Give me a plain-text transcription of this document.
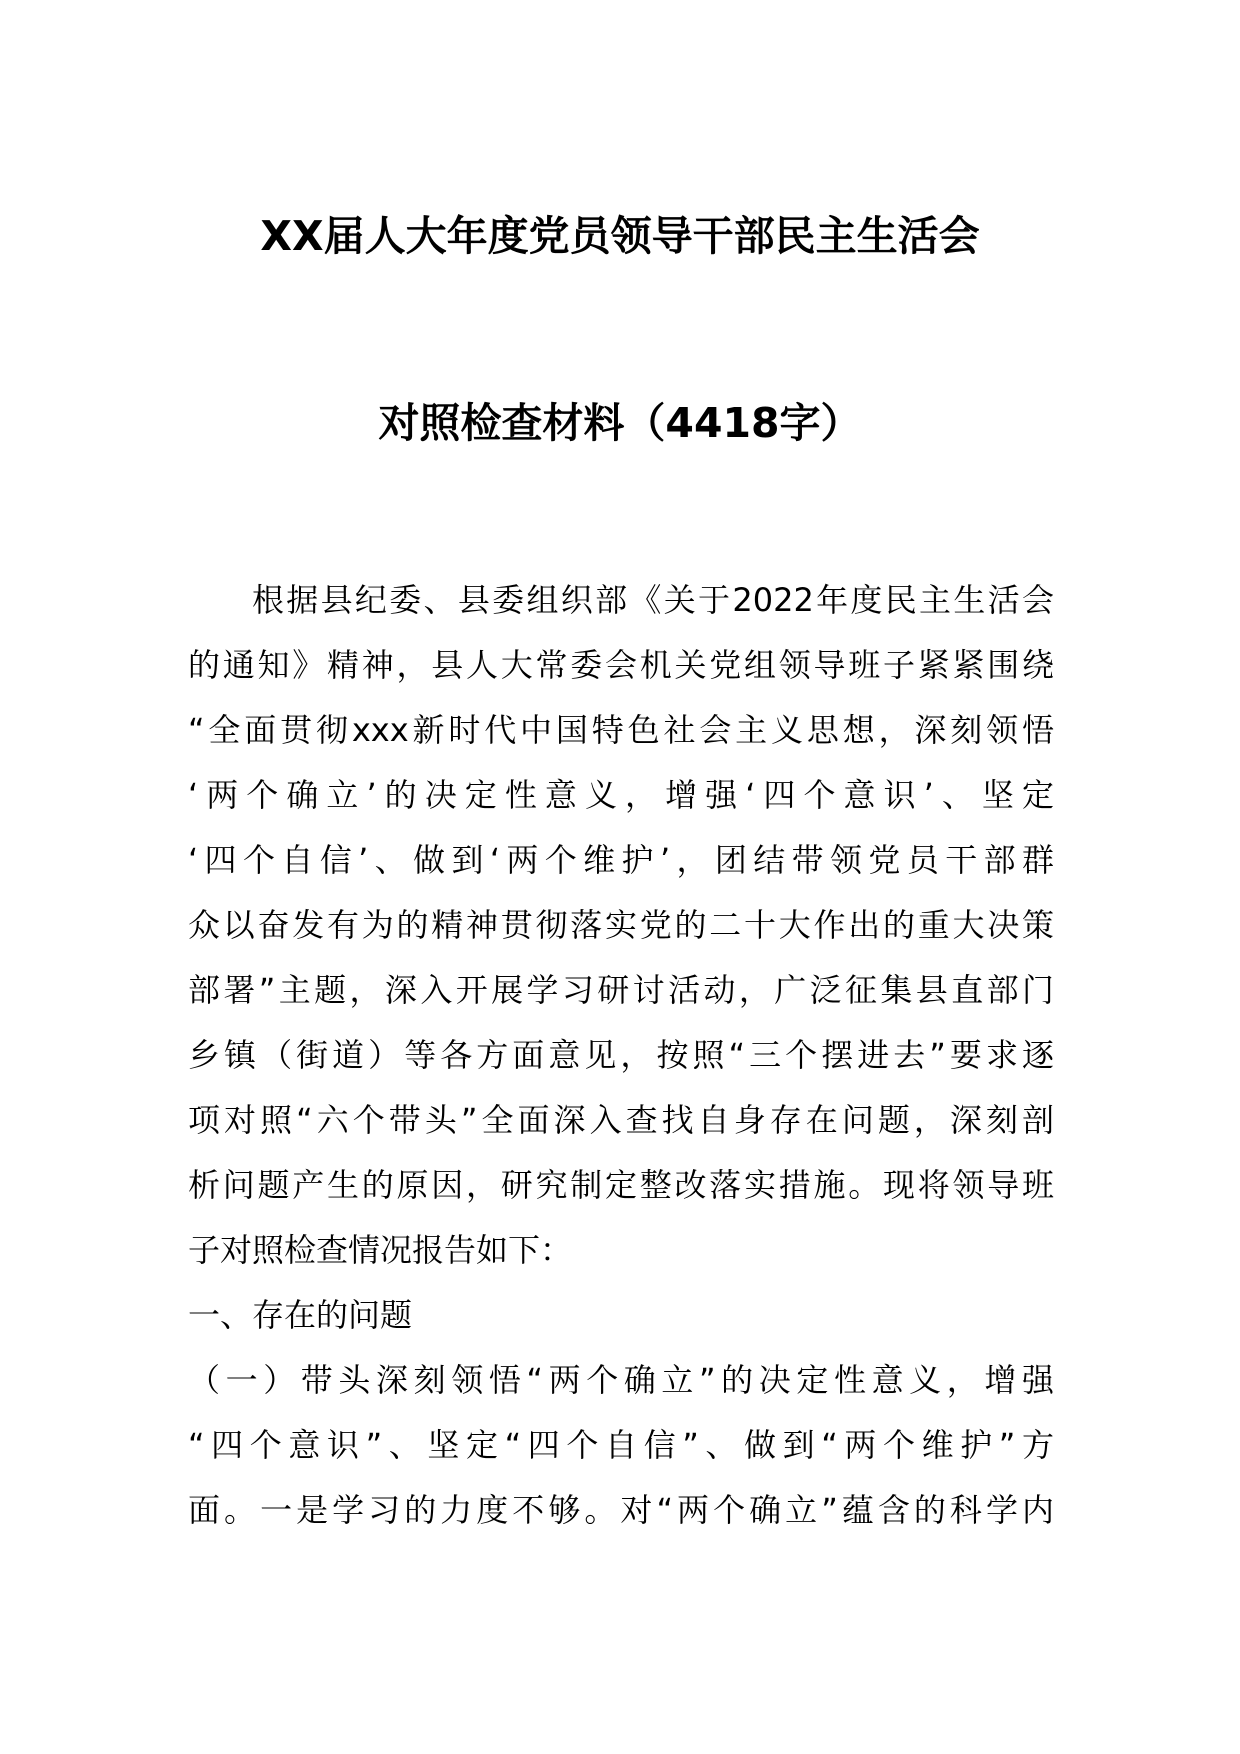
XX届人大年度党员领导干部民主生活会
对照检查材料（4418字）

根据县纪委、县委组织部《关于2022年度民主生活会
的通知》精神，县人大常委会机关党组领导班子紧紧围绕
“全面贯彻xxx新时代中国特色社会主义思想，深刻领悟
‘两个确立’的决定性意义，增强‘四个意识’、坚定
‘四个自信’、做到‘两个维护’，团结带领党员干部群
众以奋发有为的精神贯彻落实党的二十大作出的重大决策
部署”主题，深入开展学习研讨活动，广泛征集县直部门
乡镇（街道）等各方面意见，按照“三个摆进去”要求逐
项对照“六个带头”全面深入查找自身存在问题，深刻剖
析问题产生的原因，研究制定整改落实措施。现将领导班
子对照检查情况报告如下：

一、存在的问题

（一）带头深刻领悟“两个确立”的决定性意义，增强
“四个意识”、坚定“四个自信”、做到“两个维护”方
面。一是学习的力度不够。对“两个确立”蕴含的科学内
